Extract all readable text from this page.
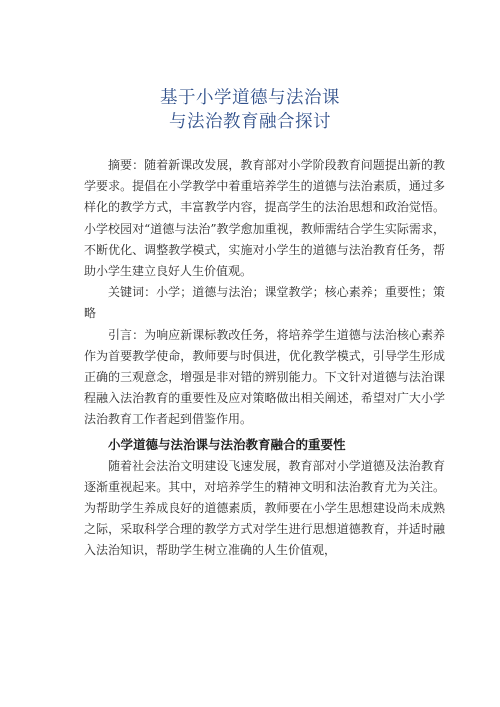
基于小学道德与法治课
与法治教育融合探讨

摘要：随着新课改发展，教育部对小学阶段教育问题提出新的教学要求。提倡在小学教学中着重培养学生的道德与法治素质，通过多样化的教学方式，丰富教学内容，提高学生的法治思想和政治觉悟。小学校园对“道德与法治”教学愈加重视，教师需结合学生实际需求，不断优化、调整教学模式，实施对小学生的道德与法治教育任务，帮助小学生建立良好人生价值观。

关键词：小学；道德与法治；课堂教学；核心素养；重要性；策略

引言：为响应新课标教改任务，将培养学生道德与法治核心素养作为首要教学使命，教师要与时俱进，优化教学模式，引导学生形成正确的三观意念，增强是非对错的辨别能力。下文针对道德与法治课程融入法治教育的重要性及应对策略做出相关阐述，希望对广大小学法治教育工作者起到借鉴作用。

小学道德与法治课与法治教育融合的重要性

随着社会法治文明建设飞速发展，教育部对小学道德及法治教育逐渐重视起来。其中，对培养学生的精神文明和法治教育尤为关注。为帮助学生养成良好的道德素质，教师要在小学生思想建设尚未成熟之际，采取科学合理的教学方式对学生进行思想道德教育，并适时融入法治知识，帮助学生树立准确的人生价值观，
